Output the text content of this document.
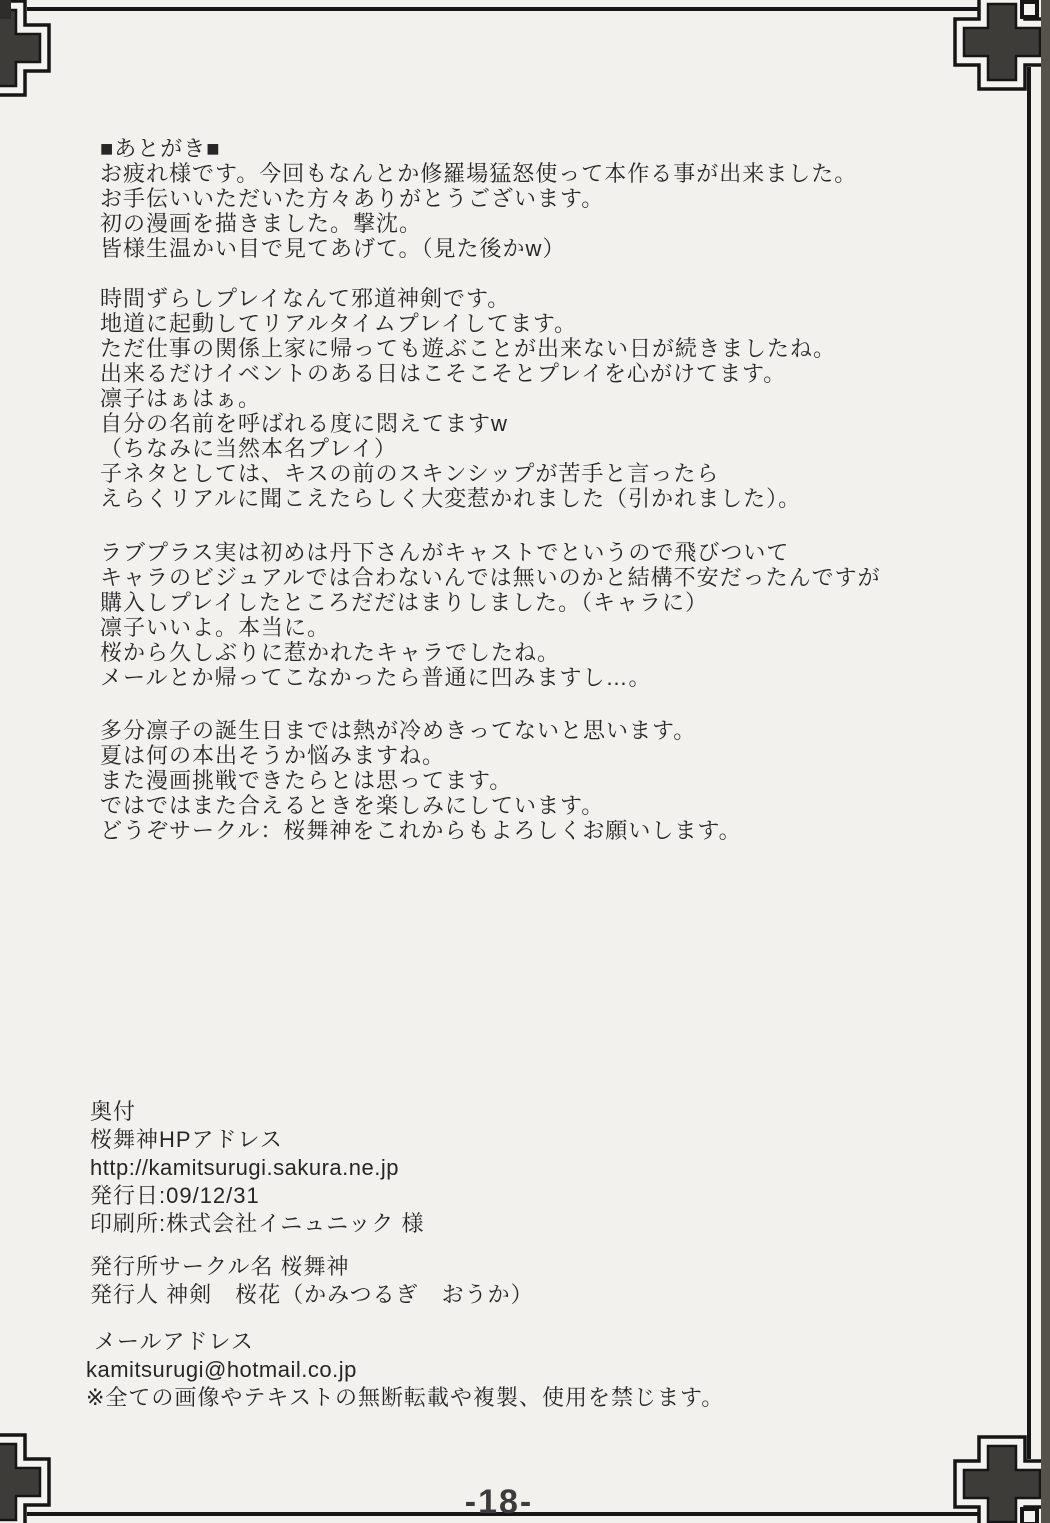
■あとがき■
お疲れ様です。今回もなんとか修羅場猛怒使って本作る事が出来ました。
お手伝いいただいた方々ありがとうございます。
初の漫画を描きました。撃沈。
皆様生温かい目で見てあげて。（見た後かw）
時間ずらしプレイなんて邪道神剣です。
地道に起動してリアルタイムプレイしてます。
ただ仕事の関係上家に帰っても遊ぶことが出来ない日が続きましたね。
出来るだけイベントのある日はこそこそとプレイを心がけてます。
凛子はぁはぁ。
自分の名前を呼ばれる度に悶えてますw
（ちなみに当然本名プレイ）
子ネタとしては、キスの前のスキンシップが苦手と言ったら
えらくリアルに聞こえたらしく大変惹かれました（引かれました）。
ラブプラス実は初めは丹下さんがキャストでというので飛びついて
キャラのビジュアルでは合わないんでは無いのかと結構不安だったんですが
購入しプレイしたところだだはまりしました。（キャラに）
凛子いいよ。本当に。
桜から久しぶりに惹かれたキャラでしたね。
メールとか帰ってこなかったら普通に凹みますし…。
多分凛子の誕生日までは熱が冷めきってないと思います。
夏は何の本出そうか悩みますね。
また漫画挑戦できたらとは思ってます。
ではではまた合えるときを楽しみにしています。
どうぞサークル：桜舞神をこれからもよろしくお願いします。
奥付
桜舞神HPアドレス
http://kamitsurugi.sakura.ne.jp
発行日:09/12/31
印刷所:株式会社イニュニック 様
発行所サークル名 桜舞神
発行人 神剣　桜花（かみつるぎ　おうか）
メールアドレス
kamitsurugi@hotmail.co.jp
※全ての画像やテキストの無断転載や複製、使用を禁じます。
-18-
